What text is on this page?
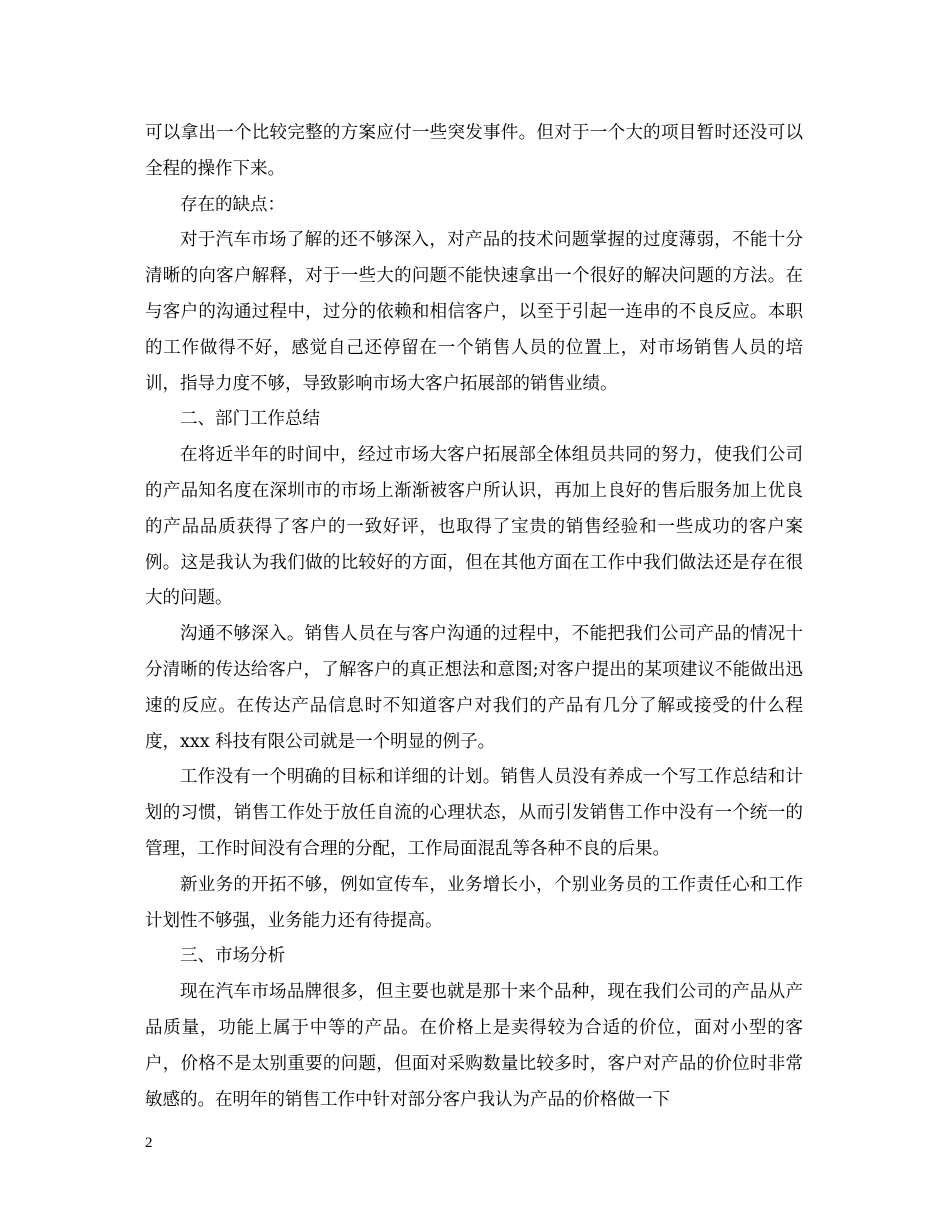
可以拿出一个比较完整的方案应付一些突发事件。但对于一个大的项目暂时还没可以全程的操作下来。

存在的缺点：

对于汽车市场了解的还不够深入，对产品的技术问题掌握的过度薄弱，不能十分清晰的向客户解释，对于一些大的问题不能快速拿出一个很好的解决问题的方法。在与客户的沟通过程中，过分的依赖和相信客户，以至于引起一连串的不良反应。本职的工作做得不好，感觉自己还停留在一个销售人员的位置上，对市场销售人员的培训，指导力度不够，导致影响市场大客户拓展部的销售业绩。

二、部门工作总结

在将近半年的时间中，经过市场大客户拓展部全体组员共同的努力，使我们公司的产品知名度在深圳市的市场上渐渐被客户所认识，再加上良好的售后服务加上优良的产品品质获得了客户的一致好评，也取得了宝贵的销售经验和一些成功的客户案例。这是我认为我们做的比较好的方面，但在其他方面在工作中我们做法还是存在很大的问题。

沟通不够深入。销售人员在与客户沟通的过程中，不能把我们公司产品的情况十分清晰的传达给客户，了解客户的真正想法和意图;对客户提出的某项建议不能做出迅速的反应。在传达产品信息时不知道客户对我们的产品有几分了解或接受的什么程度，xxx 科技有限公司就是一个明显的例子。

工作没有一个明确的目标和详细的计划。销售人员没有养成一个写工作总结和计划的习惯，销售工作处于放任自流的心理状态，从而引发销售工作中没有一个统一的管理，工作时间没有合理的分配，工作局面混乱等各种不良的后果。

新业务的开拓不够，例如宣传车，业务增长小，个别业务员的工作责任心和工作计划性不够强，业务能力还有待提高。

三、市场分析

现在汽车市场品牌很多，但主要也就是那十来个品种，现在我们公司的产品从产品质量，功能上属于中等的产品。在价格上是卖得较为合适的价位，面对小型的客户，价格不是太别重要的问题，但面对采购数量比较多时，客户对产品的价位时非常敏感的。在明年的销售工作中针对部分客户我认为产品的价格做一下

2
